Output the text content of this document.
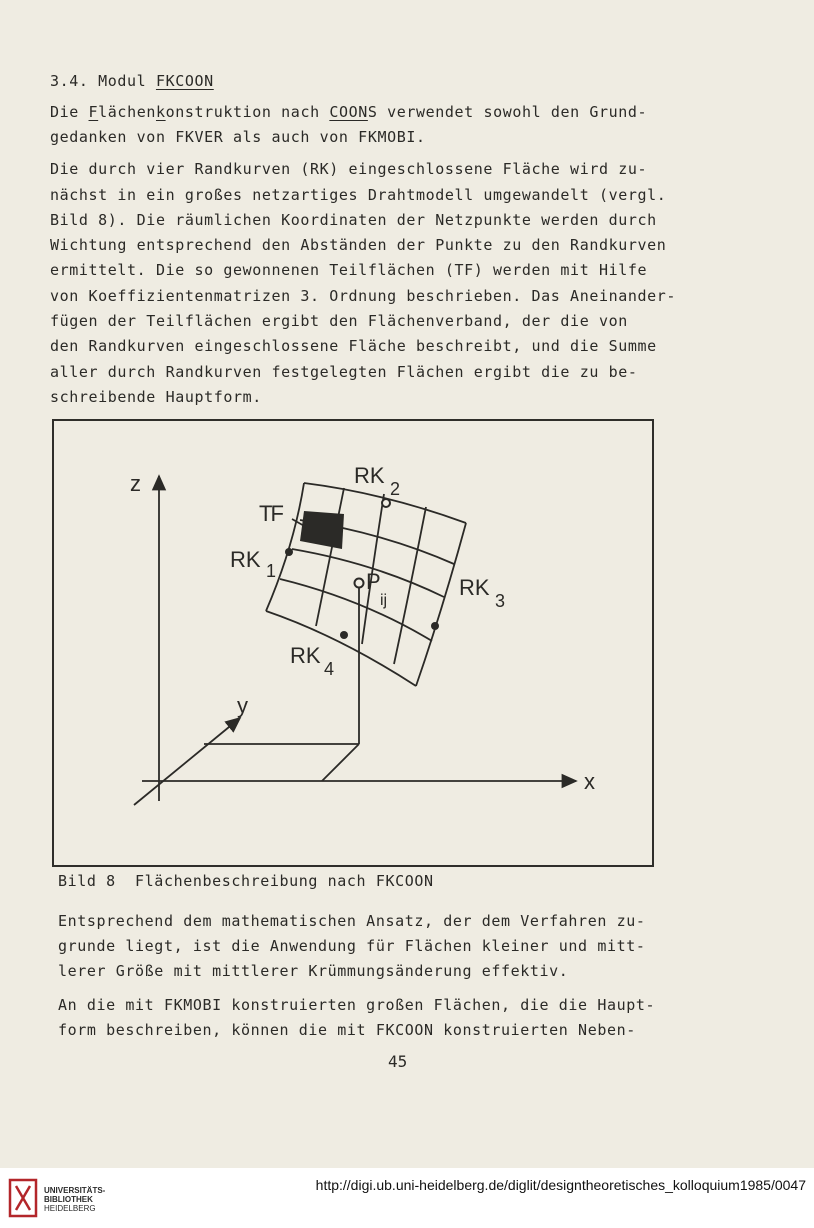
3.4. Modul FKCOON
Die Flächenkonstruktion nach COONS verwendet sowohl den Grund-
gedanken von FKVER als auch von FKMOBI.
Die durch vier Randkurven (RK) eingeschlossene Fläche wird zu-
nächst in ein großes netzartiges Drahtmodell umgewandelt (vergl.
Bild 8). Die räumlichen Koordinaten der Netzpunkte werden durch
Wichtung entsprechend den Abständen der Punkte zu den Randkurven
ermittelt. Die so gewonnenen Teilflächen (TF) werden mit Hilfe
von Koeffizientenmatrizen 3. Ordnung beschrieben. Das Aneinander-
fügen der Teilflächen ergibt den Flächenverband, der die von
den Randkurven eingeschlossene Fläche beschreibt, und die Summe
aller durch Randkurven festgelegten Flächen ergibt die zu be-
schreibende Hauptform.
z
x
y
TF
RK 1
RK
2
RK
3
RK
4
P
ij
Bild 8  Flächenbeschreibung nach FKCOON
Entsprechend dem mathematischen Ansatz, der dem Verfahren zu-
grunde liegt, ist die Anwendung für Flächen kleiner und mitt-
lerer Größe mit mittlerer Krümmungsänderung effektiv.
An die mit FKMOBI konstruierten großen Flächen, die die Haupt-
form beschreiben, können die mit FKCOON konstruierten Neben-
45
UNIVERSITÄTS-
BIBLIOTHEK
HEIDELBERG
http://digi.ub.uni-heidelberg.de/diglit/designtheoretisches_kolloquium1985/0047
